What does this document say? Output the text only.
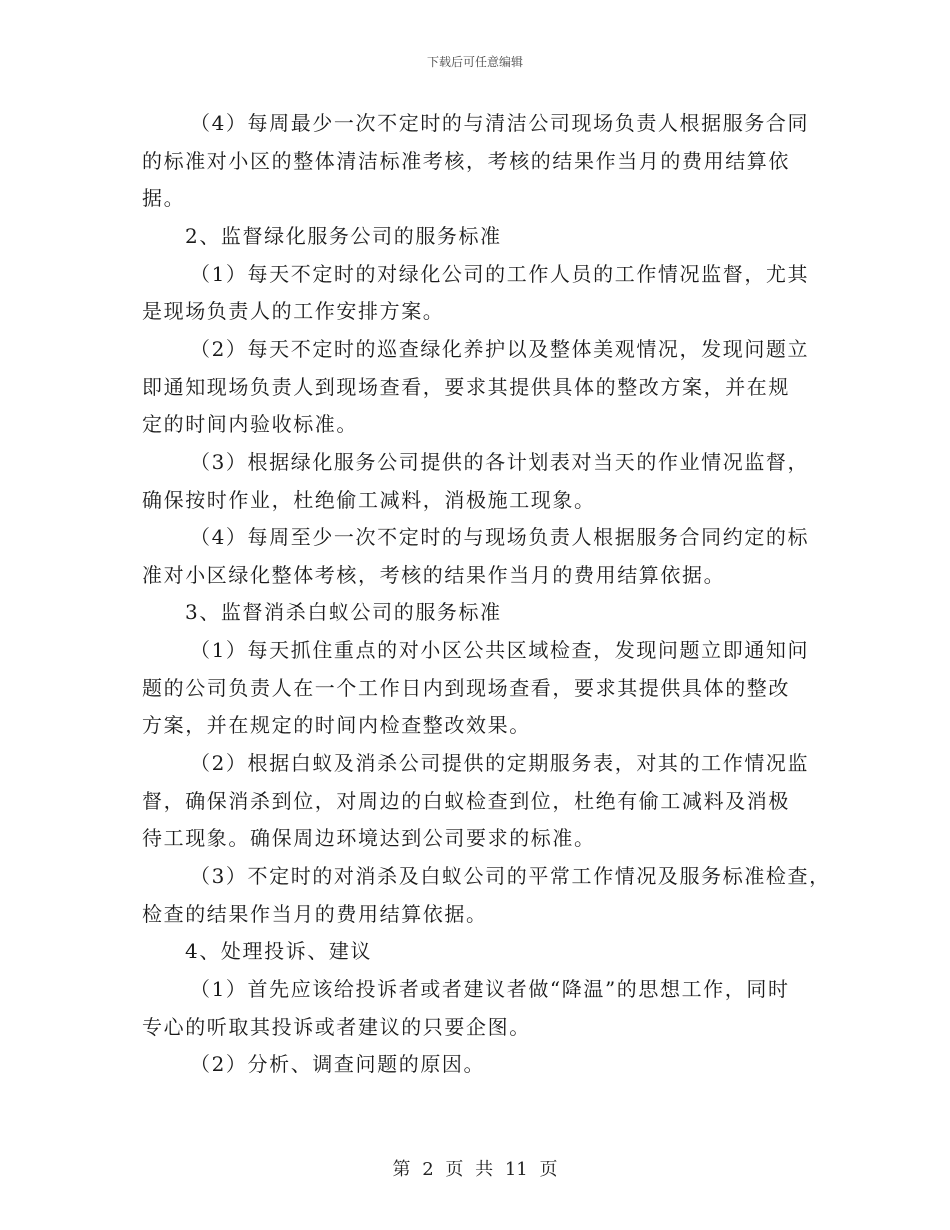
下载后可任意编辑
（4）每周最少一次不定时的与清洁公司现场负责人根据服务合同
的标准对小区的整体清洁标准考核，考核的结果作当月的费用结算依
据。
2、监督绿化服务公司的服务标准
（1）每天不定时的对绿化公司的工作人员的工作情况监督，尤其
是现场负责人的工作安排方案。
（2）每天不定时的巡查绿化养护以及整体美观情况，发现问题立
即通知现场负责人到现场查看，要求其提供具体的整改方案，并在规
定的时间内验收标准。
（3）根据绿化服务公司提供的各计划表对当天的作业情况监督，
确保按时作业，杜绝偷工减料，消极施工现象。
（4）每周至少一次不定时的与现场负责人根据服务合同约定的标
准对小区绿化整体考核，考核的结果作当月的费用结算依据。
3、监督消杀白蚁公司的服务标准
（1）每天抓住重点的对小区公共区域检查，发现问题立即通知问
题的公司负责人在一个工作日内到现场查看，要求其提供具体的整改
方案，并在规定的时间内检查整改效果。
（2）根据白蚁及消杀公司提供的定期服务表，对其的工作情况监
督，确保消杀到位，对周边的白蚁检查到位，杜绝有偷工减料及消极
待工现象。确保周边环境达到公司要求的标准。
（3）不定时的对消杀及白蚁公司的平常工作情况及服务标准检查，
检查的结果作当月的费用结算依据。
4、处理投诉、建议
（1）首先应该给投诉者或者建议者做“降温”的思想工作，同时
专心的听取其投诉或者建议的只要企图。
（2）分析、调查问题的原因。
第 2 页 共 11 页
